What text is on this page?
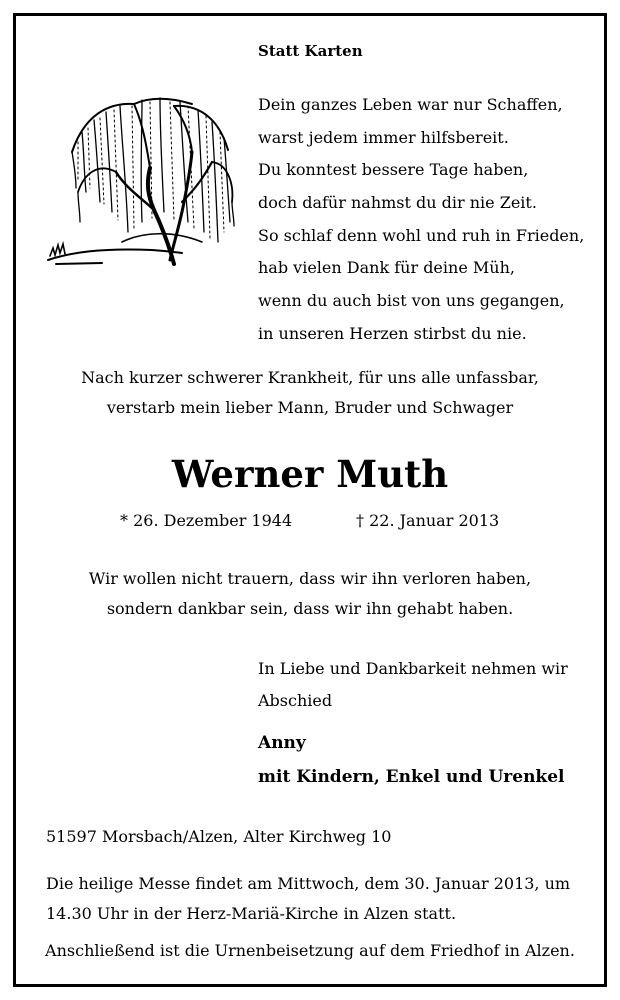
Statt Karten
Dein ganzes Leben war nur Schaffen,
warst jedem immer hilfsbereit.
Du konntest bessere Tage haben,
doch dafür nahmst du dir nie Zeit.
So schlaf denn wohl und ruh in Frieden,
hab vielen Dank für deine Müh,
wenn du auch bist von uns gegangen,
in unseren Herzen stirbst du nie.
Nach kurzer schwerer Krankheit, für uns alle unfassbar,
verstarb mein lieber Mann, Bruder und Schwager
Werner Muth
* 26. Dezember 1944	† 22. Januar 2013
Wir wollen nicht trauern, dass wir ihn verloren haben,
sondern dankbar sein, dass wir ihn gehabt haben.
In Liebe und Dankbarkeit nehmen wir
Abschied
Anny
mit Kindern, Enkel und Urenkel
51597 Morsbach/Alzen, Alter Kirchweg 10
Die heilige Messe findet am Mittwoch, dem 30. Januar 2013, um
14.30 Uhr in der Herz-Mariä-Kirche in Alzen statt.
Anschließend ist die Urnenbeisetzung auf dem Friedhof in Alzen.
